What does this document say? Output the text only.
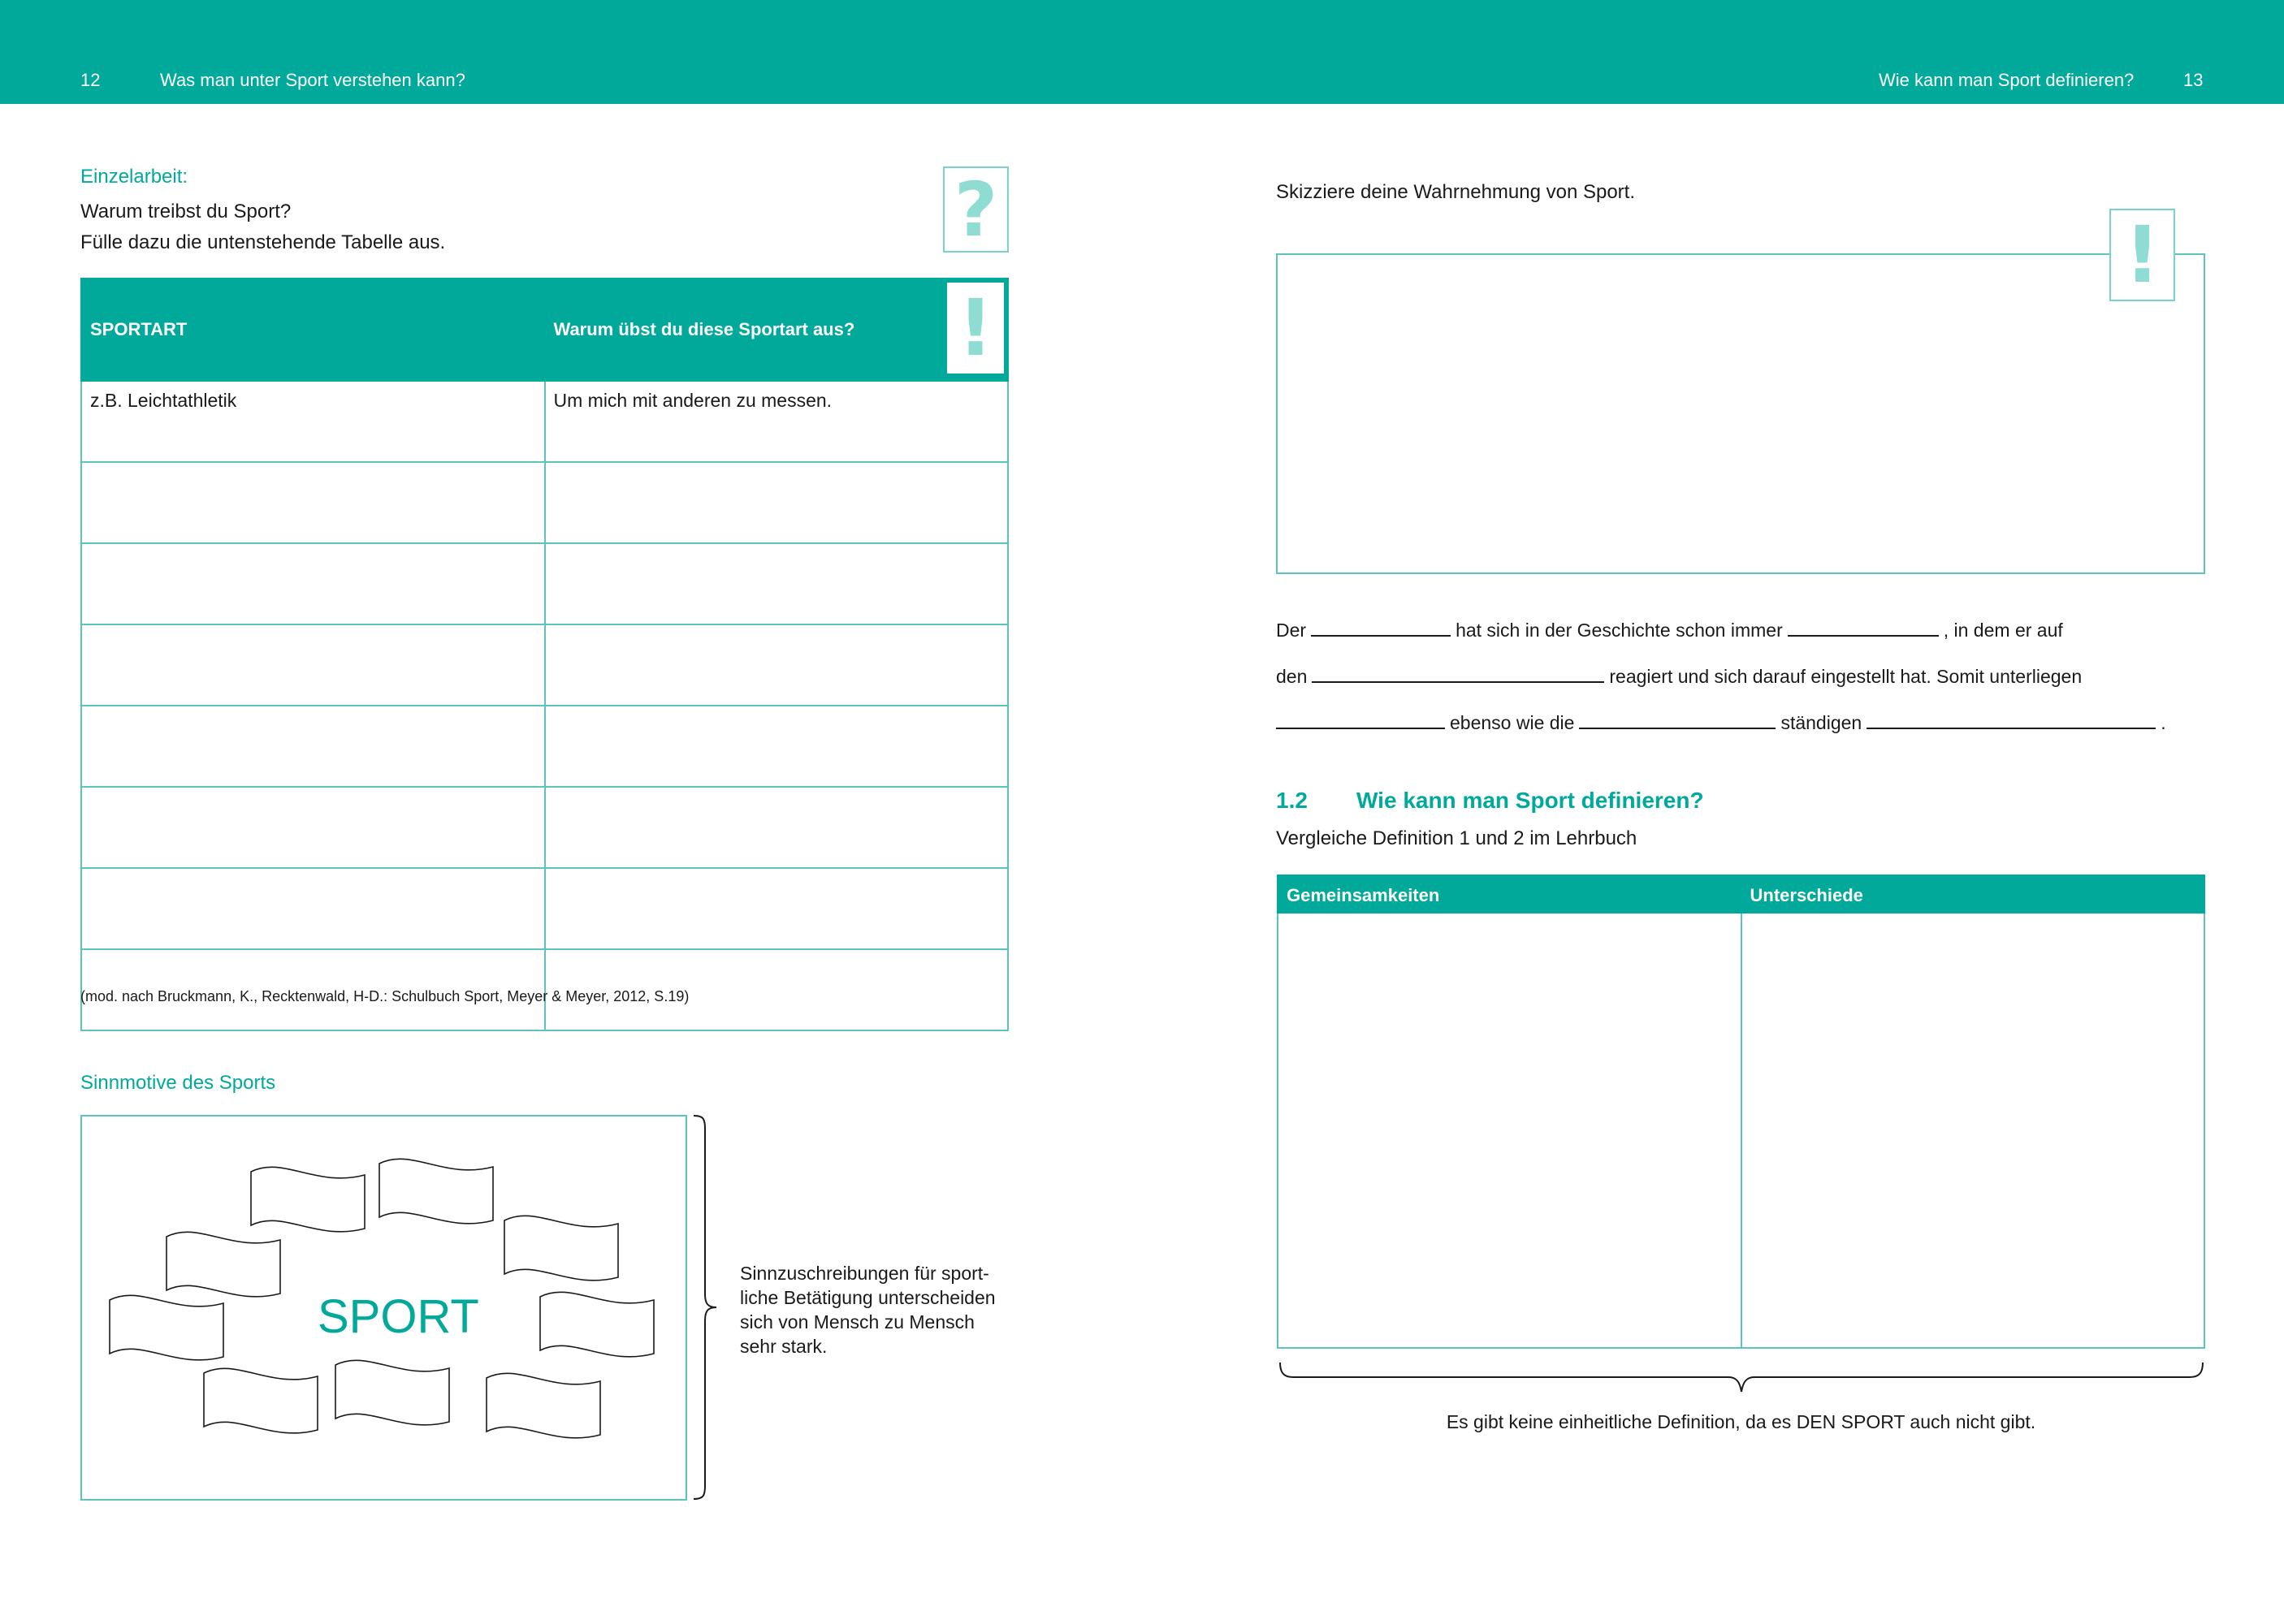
12	Was man unter Sport verstehen kann?	Wie kann man Sport definieren?	13
Einzelarbeit:
Warum treibst du Sport?
Fülle dazu die untenstehende Tabelle aus.	?
SPORTART	Warum übst du diese Sportart aus? !

z.B. Leichtathletik	Um mich mit anderen zu messen.

(mod. nach Bruckmann, K., Recktenwald, H-D.: Schulbuch Sport, Meyer & Meyer, 2012, S.19)
Sinnmotive des Sports
SPORT
Sinnzuschreibungen für sport-
liche Betätigung unterscheiden
sich von Mensch zu Mensch
sehr stark.
Skizziere deine Wahrnehmung von Sport.
!
Der	hat sich in der Geschichte schon immer	, in dem er auf
den	reagiert und sich darauf eingestellt hat. Somit unterliegen
ebenso wie die	ständigen	.
1.2 Wie kann man Sport definieren?
Vergleiche Definition 1 und 2 im Lehrbuch
Gemeinsamkeiten	Unterschiede

Es gibt keine einheitliche Definition, da es DEN SPORT auch nicht gibt.
